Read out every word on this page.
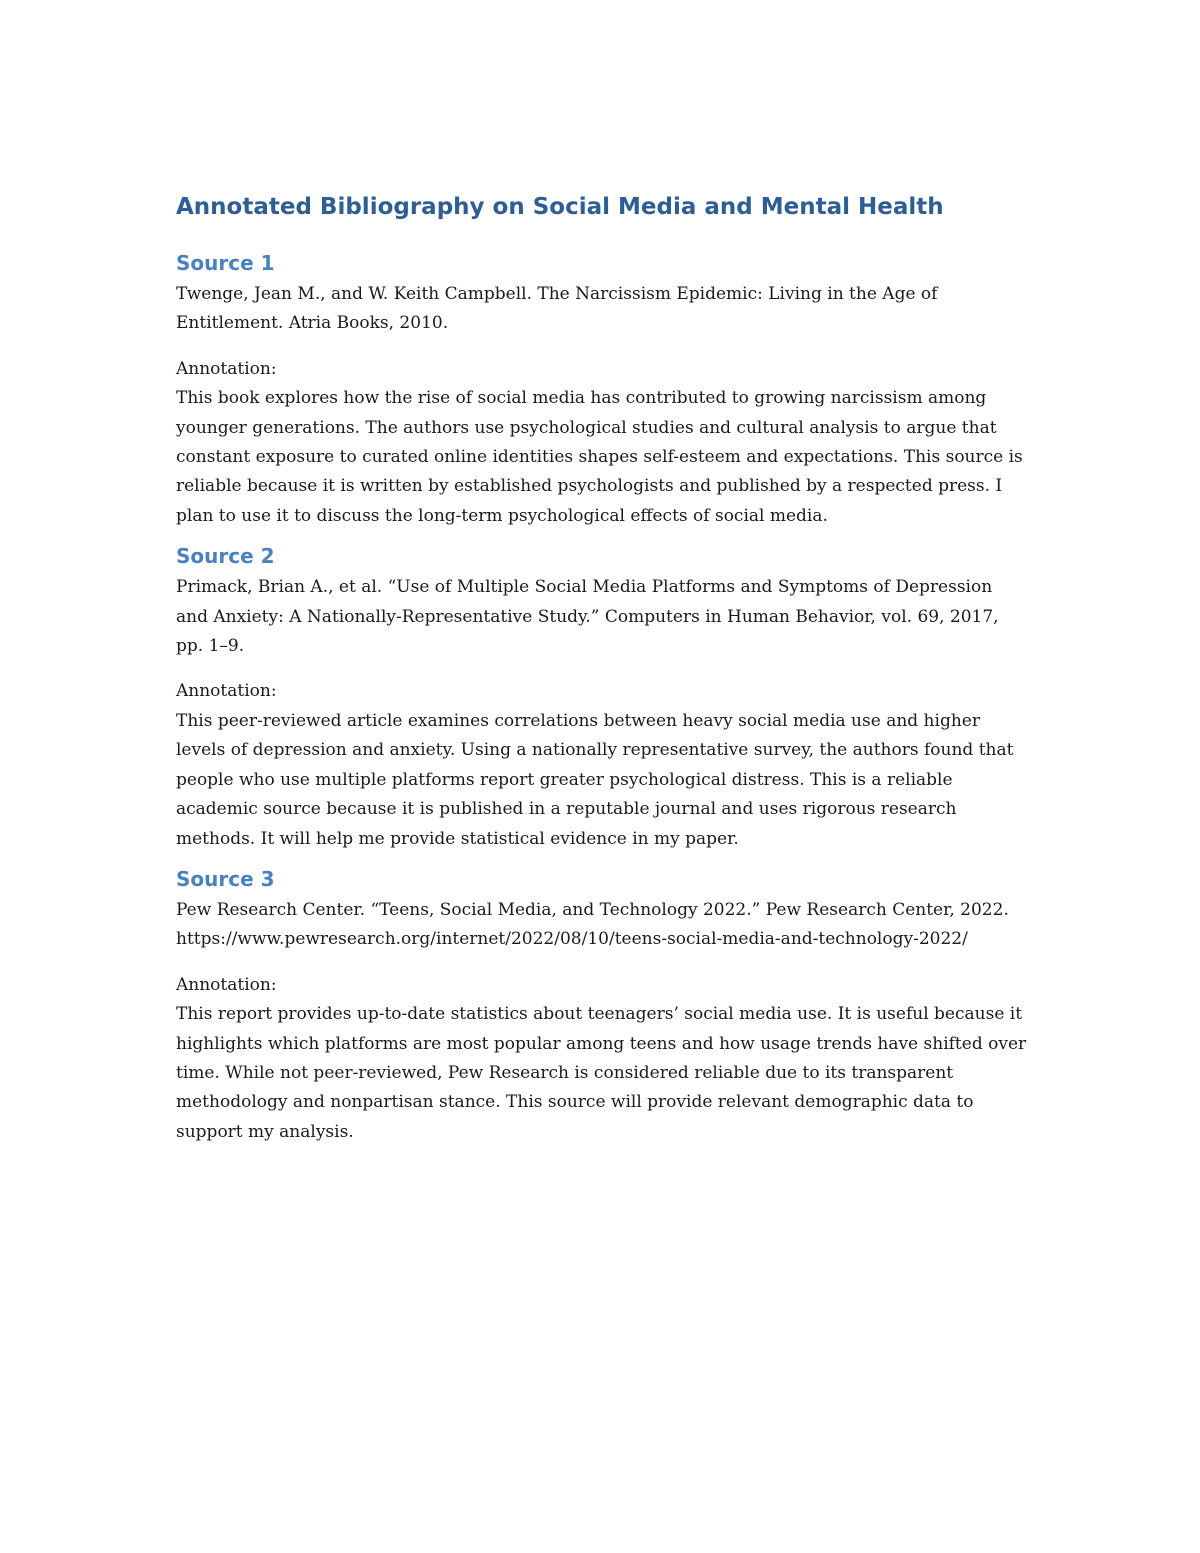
Annotated Bibliography on Social Media and Mental Health
Source 1

Twenge, Jean M., and W. Keith Campbell. The Narcissism Epidemic: Living in the Age of Entitlement. Atria Books, 2010.

Annotation:

This book explores how the rise of social media has contributed to growing narcissism among younger generations. The authors use psychological studies and cultural analysis to argue that constant exposure to curated online identities shapes self-esteem and expectations. This source is reliable because it is written by established psychologists and published by a respected press. I plan to use it to discuss the long-term psychological effects of social media.

Source 2

Primack, Brian A., et al. “Use of Multiple Social Media Platforms and Symptoms of Depression and Anxiety: A Nationally-Representative Study.” Computers in Human Behavior, vol. 69, 2017, pp. 1–9.

Annotation:

This peer-reviewed article examines correlations between heavy social media use and higher levels of depression and anxiety. Using a nationally representative survey, the authors found that people who use multiple platforms report greater psychological distress. This is a reliable academic source because it is published in a reputable journal and uses rigorous research methods. It will help me provide statistical evidence in my paper.

Source 3

Pew Research Center. “Teens, Social Media, and Technology 2022.” Pew Research Center, 2022. https://www.pewresearch.org/internet/2022/08/10/teens-social-media-and-technology-2022/

Annotation:

This report provides up-to-date statistics about teenagers’ social media use. It is useful because it highlights which platforms are most popular among teens and how usage trends have shifted over time. While not peer-reviewed, Pew Research is considered reliable due to its transparent methodology and nonpartisan stance. This source will provide relevant demographic data to support my analysis.
